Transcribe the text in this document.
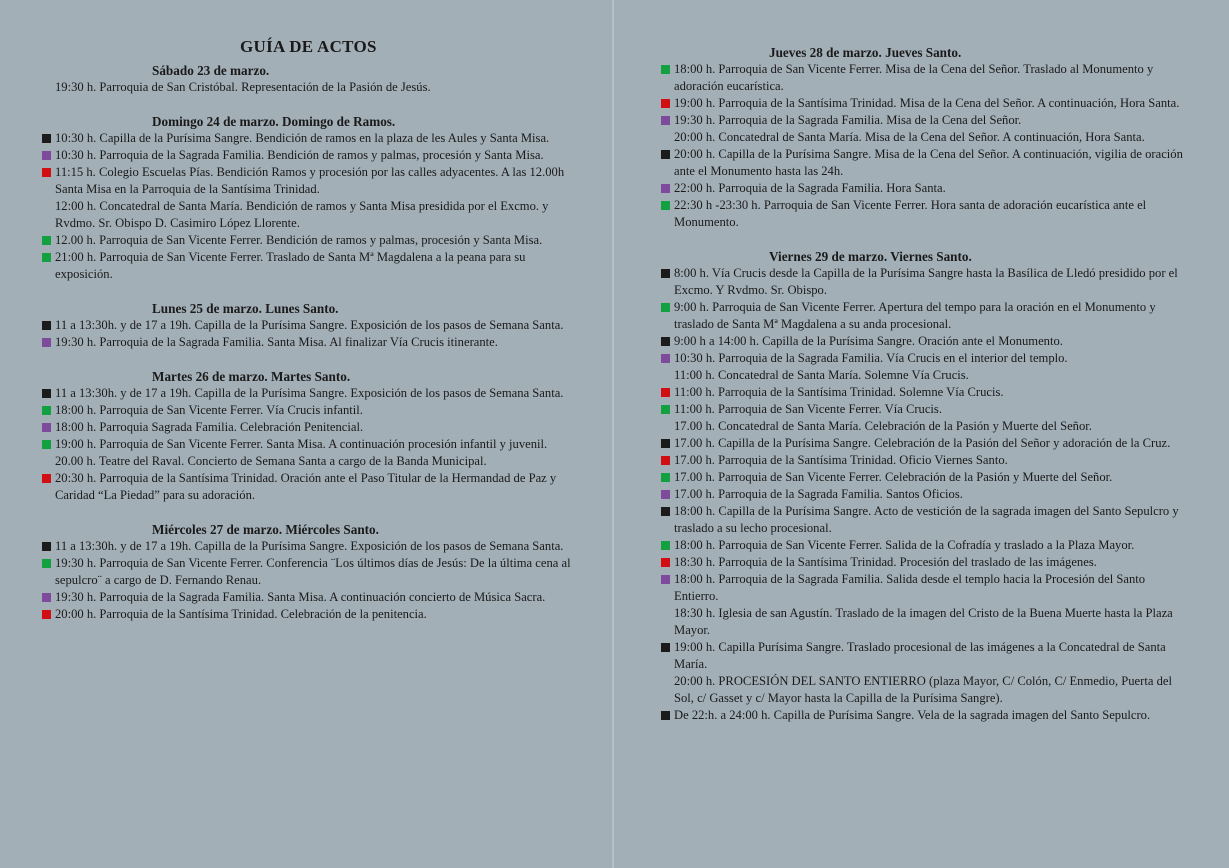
GUÍA DE ACTOS
Sábado 23 de marzo.
19:30 h. Parroquia de San Cristóbal. Representación de la Pasión de Jesús.
Domingo 24 de marzo. Domingo de Ramos.
10:30 h. Capilla de la Purísima Sangre. Bendición de ramos en la plaza de les Aules y Santa Misa.
10:30 h. Parroquia de la Sagrada Familia. Bendición de ramos y palmas, procesión y Santa Misa.
11:15 h. Colegio Escuelas Pías. Bendición Ramos y procesión por las calles adyacentes. A las 12.00h Santa Misa en la Parroquia de la Santísima Trinidad.
12:00 h. Concatedral de Santa María. Bendición de ramos y Santa Misa presidida por el Excmo. y Rvdmo. Sr. Obispo D. Casimiro López Llorente.
12.00 h. Parroquia de San Vicente Ferrer. Bendición de ramos y palmas, procesión y Santa Misa.
21:00 h. Parroquia de San Vicente Ferrer. Traslado de Santa Mª Magdalena a la peana para su exposición.
Lunes 25 de marzo. Lunes Santo.
11 a 13:30h. y de 17 a 19h. Capilla de la Purísima Sangre. Exposición de los pasos de Semana Santa.
19:30 h. Parroquia de la Sagrada Familia. Santa Misa. Al finalizar Vía Crucis itinerante.
Martes 26 de marzo. Martes Santo.
11 a 13:30h. y de 17 a 19h. Capilla de la Purísima Sangre. Exposición de los pasos de Semana Santa.
18:00 h. Parroquia de San Vicente Ferrer. Vía Crucis infantil.
18:00 h. Parroquia Sagrada Familia. Celebración Penitencial.
19:00 h. Parroquia de San Vicente Ferrer. Santa Misa. A continuación procesión infantil y juvenil.
20.00 h. Teatre del Raval. Concierto de Semana Santa a cargo de la Banda Municipal.
20:30 h. Parroquia de la Santísima Trinidad. Oración ante el Paso Titular de la Hermandad de Paz y Caridad “La Piedad” para su adoración.
Miércoles 27 de marzo. Miércoles Santo.
11 a 13:30h. y de 17 a 19h. Capilla de la Purísima Sangre. Exposición de los pasos de Semana Santa.
19:30 h. Parroquia de San Vicente Ferrer. Conferencia ¨Los últimos días de Jesús: De la última cena al sepulcro¨ a cargo de D. Fernando Renau.
19:30 h. Parroquia de la Sagrada Familia. Santa Misa. A continuación concierto de Música Sacra.
20:00 h. Parroquia de la Santísima Trinidad. Celebración de la penitencia.
Jueves 28 de marzo. Jueves Santo.
18:00 h. Parroquia de San Vicente Ferrer. Misa de la Cena del Señor. Traslado al Monumento y adoración eucarística.
19:00 h. Parroquia de la Santísima Trinidad. Misa de la Cena del Señor. A continuación, Hora Santa.
19:30 h. Parroquia de la Sagrada Familia. Misa de la Cena del Señor.
20:00 h. Concatedral de Santa María. Misa de la Cena del Señor. A continuación, Hora Santa.
20:00 h. Capilla de la Purísima Sangre. Misa de la Cena del Señor. A continuación, vigilia de oración ante el Monumento hasta las 24h.
22:00 h. Parroquia de la Sagrada Familia. Hora Santa.
22:30 h -23:30 h. Parroquia de San Vicente Ferrer. Hora santa de adoración eucarística ante el Monumento.
Viernes 29 de marzo. Viernes Santo.
8:00 h. Vía Crucis desde la Capilla de la Purísima Sangre hasta la Basílica de Lledó presidido por el Excmo. Y Rvdmo. Sr. Obispo.
9:00 h. Parroquia de San Vicente Ferrer. Apertura del tempo para la oración en el Monumento y traslado de Santa Mª Magdalena a su anda procesional.
9:00 h a 14:00 h. Capilla de la Purísima Sangre. Oración ante el Monumento.
10:30 h. Parroquia de la Sagrada Familia. Vía Crucis en el interior del templo.
11:00 h. Concatedral de Santa María. Solemne Vía Crucis.
11:00 h. Parroquia de la Santísima Trinidad. Solemne Vía Crucis.
11:00 h. Parroquia de San Vicente Ferrer. Vía Crucis.
17.00 h. Concatedral de Santa María. Celebración de la Pasión y Muerte del Señor.
17.00 h. Capilla de la Purísima Sangre. Celebración de la Pasión del Señor y adoración de la Cruz.
17.00 h. Parroquia de la Santísima Trinidad. Oficio Viernes Santo.
17.00 h. Parroquia de San Vicente Ferrer. Celebración de la Pasión y Muerte del Señor.
17.00 h. Parroquia de la Sagrada Familia. Santos Oficios.
18:00 h. Capilla de la Purísima Sangre. Acto de vestición de la sagrada imagen del Santo Sepulcro y traslado a su lecho procesional.
18:00 h. Parroquia de San Vicente Ferrer. Salida de la Cofradía y traslado a la Plaza Mayor.
18:30 h. Parroquia de la Santísima Trinidad. Procesión del traslado de las imágenes.
18:00 h. Parroquia de la Sagrada Familia. Salida desde el templo hacia la Procesión del Santo Entierro.
18:30 h. Iglesia de san Agustín. Traslado de la imagen del Cristo de la Buena Muerte hasta la Plaza Mayor.
19:00 h. Capilla Purísima Sangre. Traslado procesional de las imágenes a la Concatedral de Santa María.
20:00 h. PROCESIÓN DEL SANTO ENTIERRO (plaza Mayor, C/ Colón, C/ Enmedio, Puerta del Sol, c/ Gasset y c/ Mayor hasta la Capilla de la Purísima Sangre).
De 22:h. a 24:00 h. Capilla de Purísima Sangre. Vela de la sagrada imagen del Santo Sepulcro.
